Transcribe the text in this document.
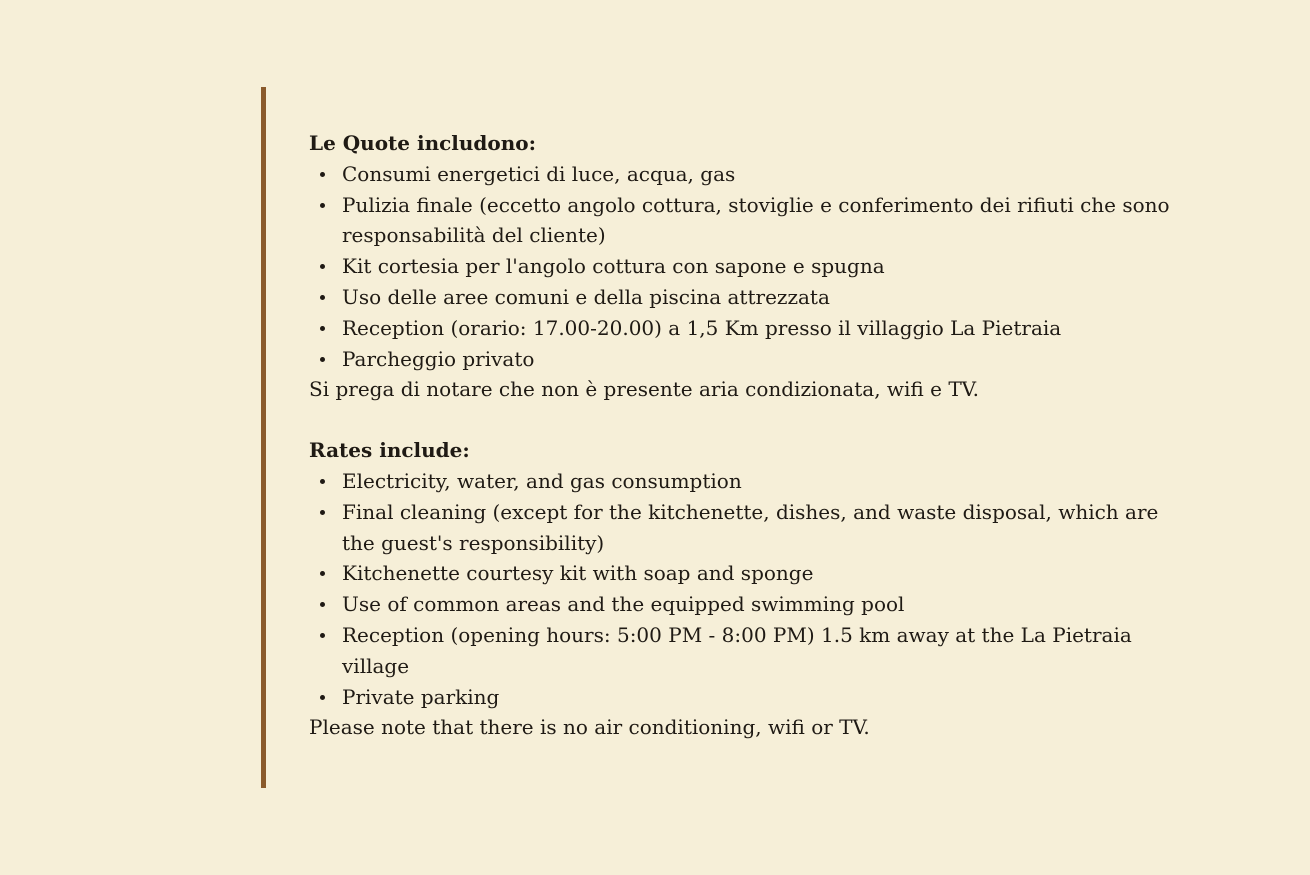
Le Quote includono:

Consumi energetici di luce, acqua, gas
Pulizia finale (eccetto angolo cottura, stoviglie e conferimento dei rifiuti che sono responsabilità del cliente)
Kit cortesia per l'angolo cottura con sapone e spugna
Uso delle aree comuni e della piscina attrezzata
Reception (orario: 17.00-20.00) a 1,5 Km presso il villaggio La Pietraia
Parcheggio privato

Si prega di notare che non è presente aria condizionata, wifi e TV.

Rates include:

Electricity, water, and gas consumption
Final cleaning (except for the kitchenette, dishes, and waste disposal, which are the guest's responsibility)
Kitchenette courtesy kit with soap and sponge
Use of common areas and the equipped swimming pool
Reception (opening hours: 5:00 PM - 8:00 PM) 1.5 km away at the La Pietraia village
Private parking

Please note that there is no air conditioning, wifi or TV.
